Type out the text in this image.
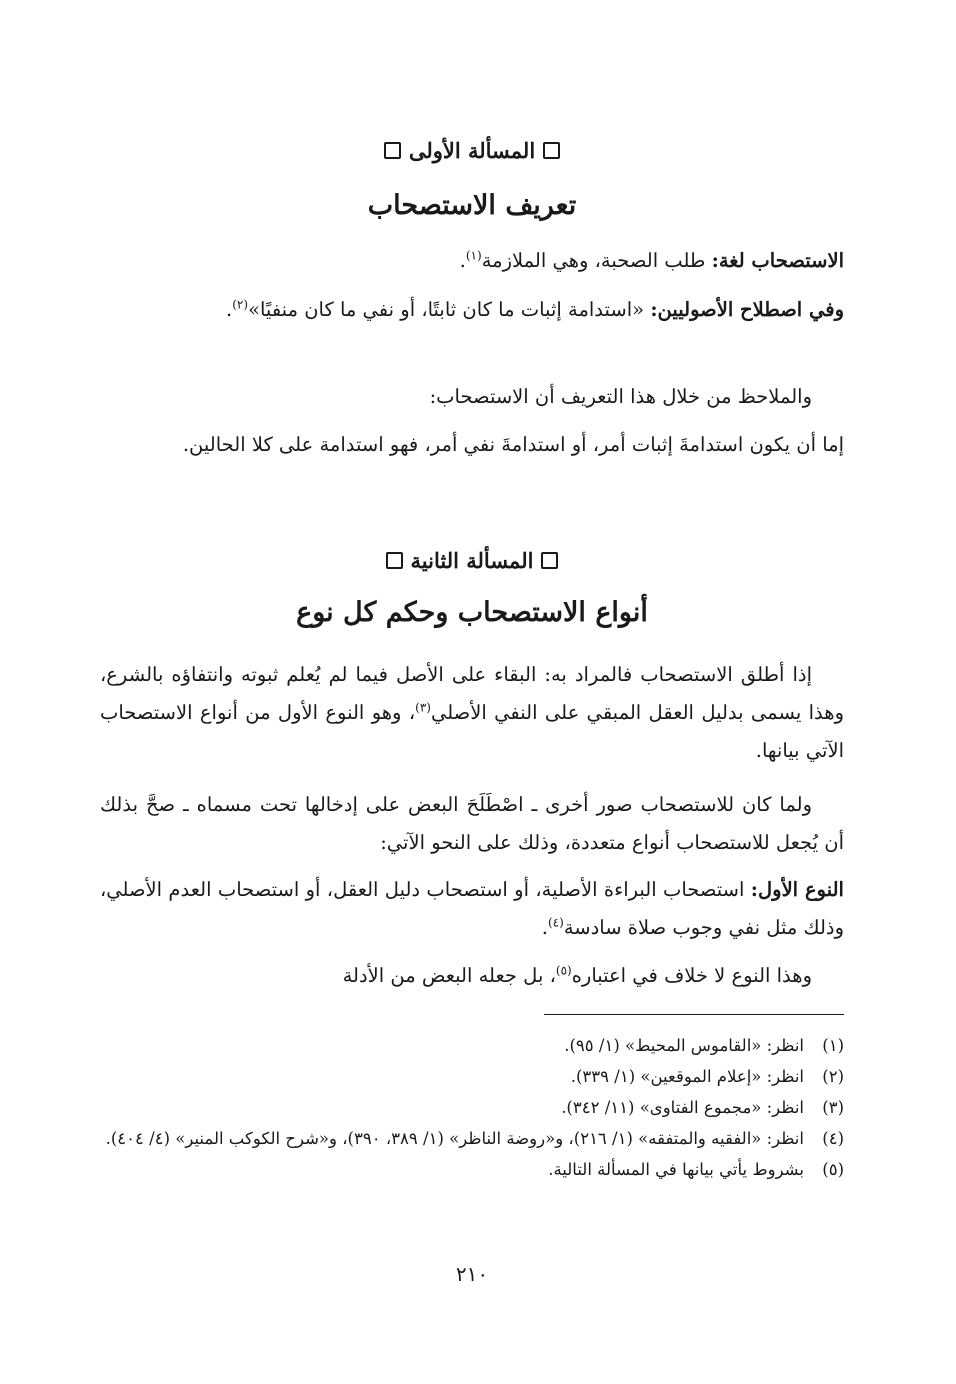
المسألة الأولى
تعريف الاستصحاب
الاستصحاب لغة: طلب الصحبة، وهي الملازمة$^{(١)}$.
وفي اصطلاح الأصوليين: «استدامة إثبات ما كان ثابتًا، أو نفي ما كان منفيًا»$^{(٢)}$.
والملاحظ من خلال هذا التعريف أن الاستصحاب:
إما أن يكون استدامةَ إثبات أمر، أو استدامةَ نفي أمر، فهو استدامة على كلا الحالين.
المسألة الثانية
أنواع الاستصحاب وحكم كل نوع
إذا أطلق الاستصحاب فالمراد به: البقاء على الأصل فيما لم يُعلم ثبوته وانتفاؤه بالشرع، وهذا يسمى بدليل العقل المبقي على النفي الأصلي$^{(٣)}$، وهو النوع الأول من أنواع الاستصحاب الآتي بيانها.
ولما كان للاستصحاب صور أخرى ـ اصْطَلَحَ البعض على إدخالها تحت مسماه ـ صحَّ بذلك أن يُجعل للاستصحاب أنواع متعددة، وذلك على النحو الآتي:
النوع الأول: استصحاب البراءة الأصلية، أو استصحاب دليل العقل، أو استصحاب العدم الأصلي، وذلك مثل نفي وجوب صلاة سادسة$^{(٤)}$.
وهذا النوع لا خلاف في اعتباره$^{(٥)}$، بل جعله البعض من الأدلة
(١)
انظر: «القاموس المحيط» (١/ ٩٥).
(٢)
انظر: «إعلام الموقعين» (١/ ٣٣٩).
(٣)
انظر: «مجموع الفتاوى» (١١/ ٣٤٢).
(٤)
انظر: «الفقيه والمتفقه» (١/ ٢١٦)، و«روضة الناظر» (١/ ٣٨٩، ٣٩٠)، و«شرح الكوكب المنير» (٤/ ٤٠٤).
(٥)
بشروط يأتي بيانها في المسألة التالية.
٢١٠
